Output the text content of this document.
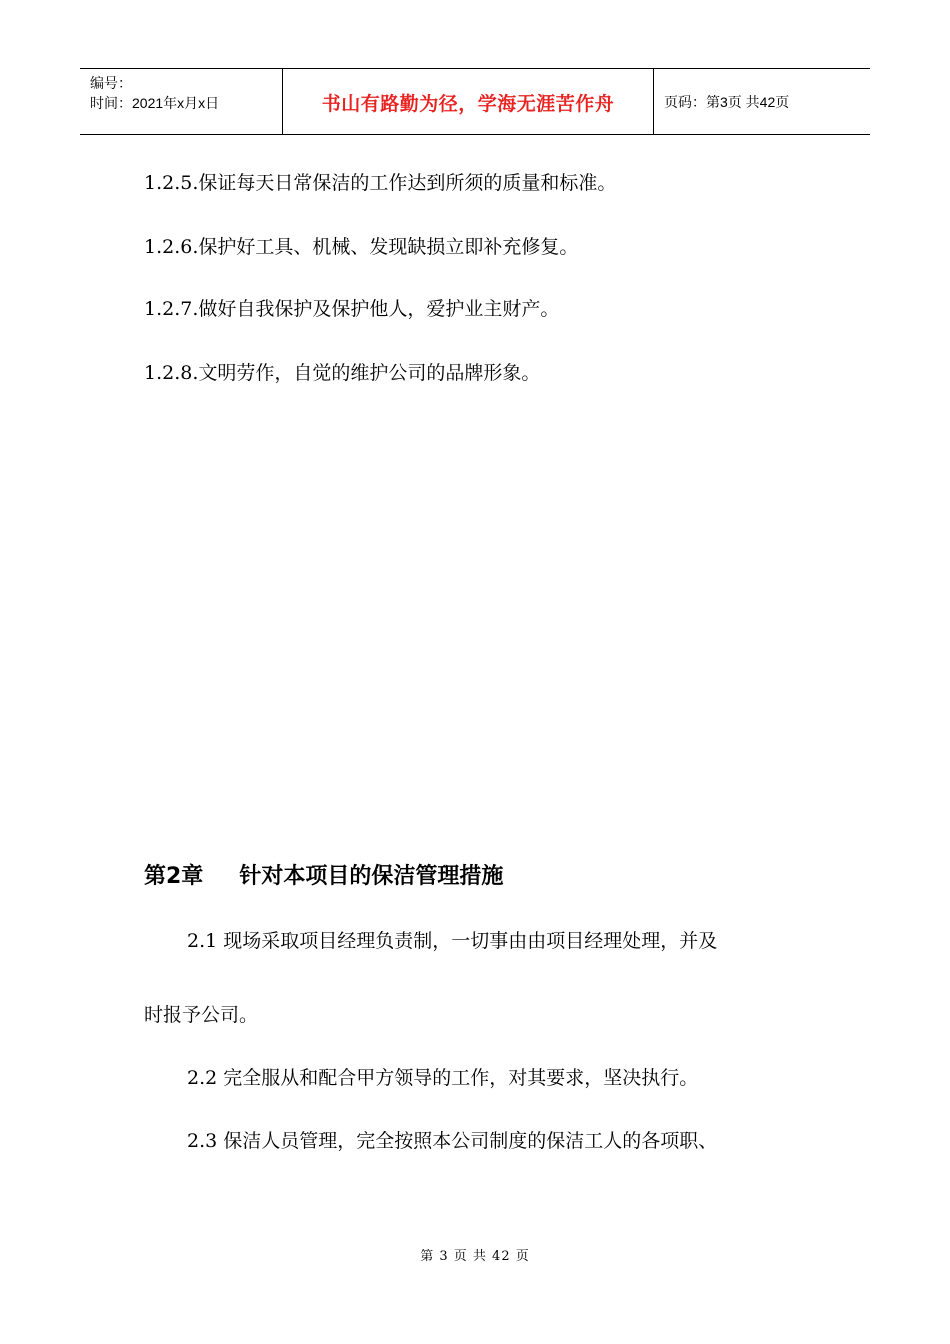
编号：
时间：2021年x月x日	书山有路勤为径，学海无涯苦作舟	页码：第3页 共42页
1.2.5.保证每天日常保洁的工作达到所须的质量和标准。
1.2.6.保护好工具、机械、发现缺损立即补充修复。
1.2.7.做好自我保护及保护他人，爱护业主财产。
1.2.8.文明劳作，自觉的维护公司的品牌形象。
第2章 针对本项目的保洁管理措施
2.1 现场采取项目经理负责制，一切事由由项目经理处理，并及
时报予公司。
2.2 完全服从和配合甲方领导的工作，对其要求，坚决执行。
2.3 保洁人员管理，完全按照本公司制度的保洁工人的各项职、
第 3 页 共 42 页
